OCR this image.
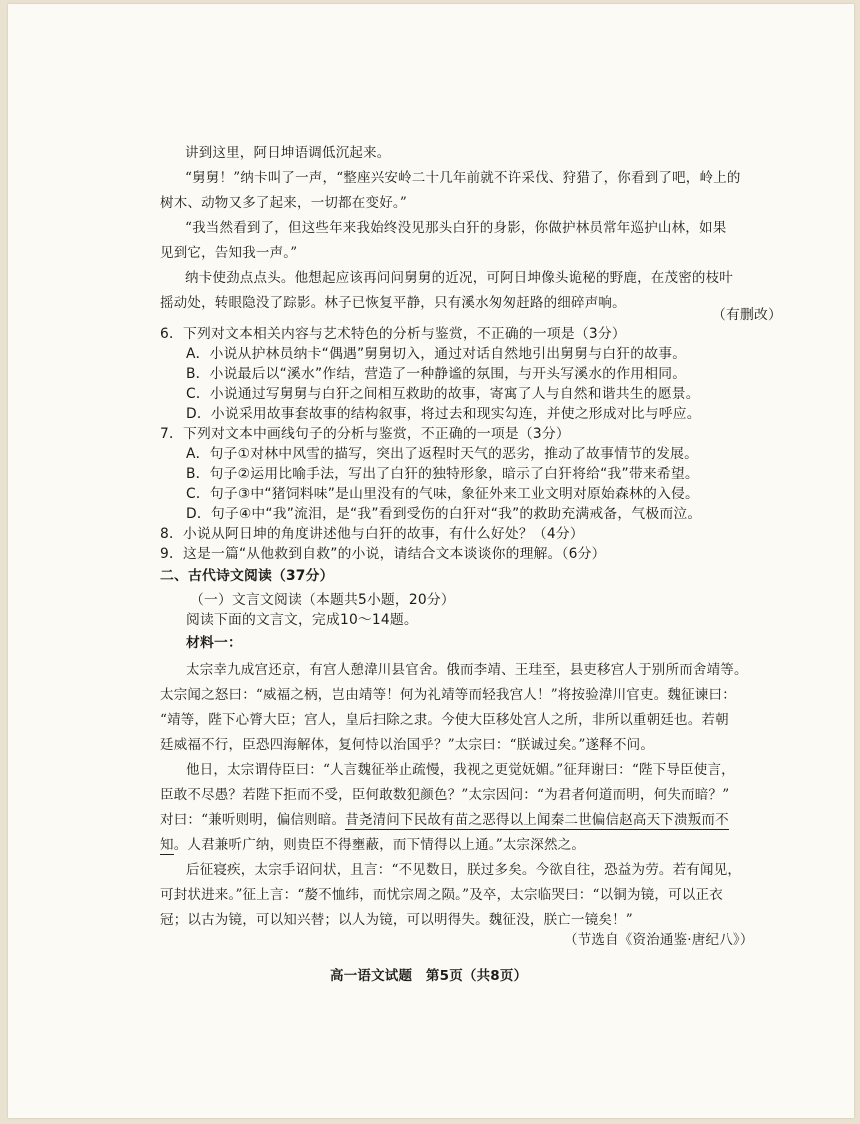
讲到这里，阿日坤语调低沉起来。
“舅舅！”纳卡叫了一声，“整座兴安岭二十几年前就不许采伐、狩猎了，你看到了吧，岭上的
树木、动物又多了起来，一切都在变好。”
“我当然看到了，但这些年来我始终没见那头白犴的身影，你做护林员常年巡护山林，如果
见到它，告知我一声。”
纳卡使劲点点头。他想起应该再问问舅舅的近况，可阿日坤像头诡秘的野鹿，在茂密的枝叶
摇动处，转眼隐没了踪影。林子已恢复平静，只有溪水匆匆赶路的细碎声响。
（有删改）
6．下列对文本相关内容与艺术特色的分析与鉴赏，不正确的一项是（3分）
A．小说从护林员纳卡“偶遇”舅舅切入，通过对话自然地引出舅舅与白犴的故事。
B．小说最后以“溪水”作结，营造了一种静谧的氛围，与开头写溪水的作用相同。
C．小说通过写舅舅与白犴之间相互救助的故事，寄寓了人与自然和谐共生的愿景。
D．小说采用故事套故事的结构叙事，将过去和现实勾连，并使之形成对比与呼应。
7．下列对文本中画线句子的分析与鉴赏，不正确的一项是（3分）
A．句子①对林中风雪的描写，突出了返程时天气的恶劣，推动了故事情节的发展。
B．句子②运用比喻手法，写出了白犴的独特形象，暗示了白犴将给“我”带来希望。
C．句子③中“猪饲料味”是山里没有的气味，象征外来工业文明对原始森林的入侵。
D．句子④中“我”流泪，是“我”看到受伤的白犴对“我”的救助充满戒备，气极而泣。
8．小说从阿日坤的角度讲述他与白犴的故事，有什么好处？（4分）
9．这是一篇“从他救到自救”的小说，请结合文本谈谈你的理解。（6分）
二、古代诗文阅读（37分）
（一）文言文阅读（本题共5小题，20分）
阅读下面的文言文，完成10～14题。
材料一：
太宗幸九成宫还京，有宫人憩湋川县官舍。俄而李靖、王珪至，县吏移宫人于别所而舍靖等。
太宗闻之怒曰：“威福之柄，岂由靖等！何为礼靖等而轻我宫人！”将按验湋川官吏。魏征谏曰：
“靖等，陛下心膂大臣；宫人，皇后扫除之隶。今使大臣移处宫人之所，非所以重朝廷也。若朝
廷威福不行，臣恐四海解体，复何恃以治国乎？”太宗曰：“朕诚过矣。”遂释不问。
他日，太宗谓侍臣曰：“人言魏征举止疏慢，我视之更觉妩媚。”征拜谢曰：“陛下导臣使言，
臣敢不尽愚？若陛下拒而不受，臣何敢数犯颜色？”太宗因问：“为君者何道而明，何失而暗？”
对曰：“兼听则明，偏信则暗。昔尧清问下民故有苗之恶得以上闻秦二世偏信赵高天下溃叛而不
知。人君兼听广纳，则贵臣不得壅蔽，而下情得以上通。”太宗深然之。
后征寝疾，太宗手诏问状，且言：“不见数日，朕过多矣。今欲自往，恐益为劳。若有闻见，
可封状进来。”征上言：“嫠不恤纬，而忧宗周之陨。”及卒，太宗临哭曰：“以铜为镜，可以正衣
冠；以古为镜，可以知兴替；以人为镜，可以明得失。魏征没，朕亡一镜矣！”
（节选自《资治通鉴·唐纪八》）
高一语文试题　第5页（共8页）
